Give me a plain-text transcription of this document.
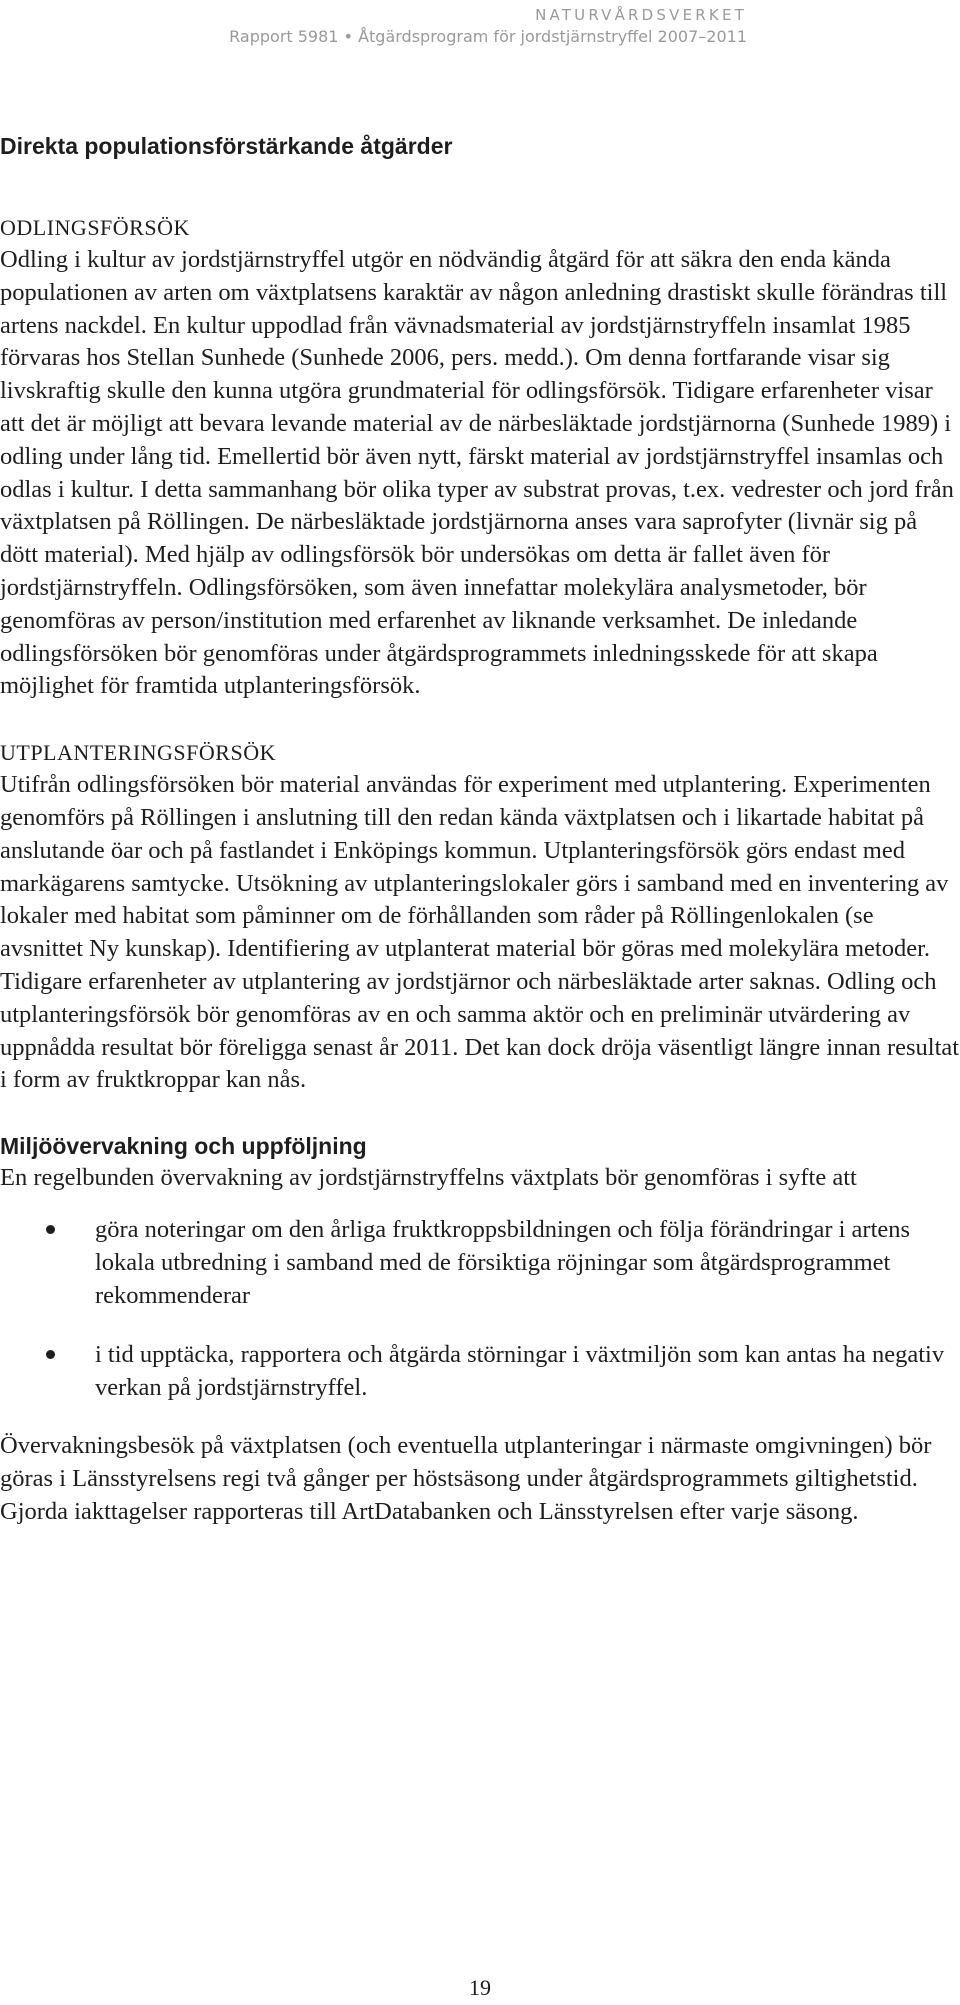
NATURVÅRDSVERKET
Rapport 5981 • Åtgärdsprogram för jordstjärnstryffel 2007–2011
Direkta populationsförstärkande åtgärder
ODLINGSFÖRSÖK

Odling i kultur av jordstjärnstryffel utgör en nödvändig åtgärd för att säkra den enda kända populationen av arten om växtplatsens karaktär av någon anledning drastiskt skulle förändras till artens nackdel. En kultur uppodlad från vävnadsmaterial av jordstjärnstryffeln insamlat 1985 förvaras hos Stellan Sunhede (Sunhede 2006, pers. medd.). Om denna fortfarande visar sig livskraftig skulle den kunna utgöra grundmaterial för odlingsförsök. Tidigare erfarenheter visar att det är möjligt att bevara levande material av de närbesläktade jordstjärnorna (Sunhede 1989) i odling under lång tid. Emellertid bör även nytt, färskt material av jordstjärnstryffel insamlas och odlas i kultur. I detta sammanhang bör olika typer av substrat provas, t.ex. vedrester och jord från växtplatsen på Röllingen. De närbesläktade jordstjärnorna anses vara saprofyter (livnär sig på dött material). Med hjälp av odlingsförsök bör undersökas om detta är fallet även för jordstjärnstryffeln. Odlingsförsöken, som även innefattar molekylära analysmetoder, bör genomföras av person/institution med erfarenhet av liknande verksamhet. De inledande odlingsförsöken bör genomföras under åtgärdsprogrammets inledningsskede för att skapa möjlighet för framtida utplanteringsförsök.

UTPLANTERINGSFÖRSÖK

Utifrån odlingsförsöken bör material användas för experiment med utplantering. Experimenten genomförs på Röllingen i anslutning till den redan kända växtplatsen och i likartade habitat på anslutande öar och på fastlandet i Enköpings kommun. Utplanteringsförsök görs endast med markägarens samtycke. Utsökning av utplanteringslokaler görs i samband med en inventering av lokaler med habitat som påminner om de förhållanden som råder på Röllingenlokalen (se avsnittet Ny kunskap). Identifiering av utplanterat material bör göras med molekylära metoder. Tidigare erfarenheter av utplantering av jordstjärnor och närbesläktade arter saknas. Odling och utplanteringsförsök bör genomföras av en och samma aktör och en preliminär utvärdering av uppnådda resultat bör föreligga senast år 2011. Det kan dock dröja väsentligt längre innan resultat i form av fruktkroppar kan nås.

Miljöövervakning och uppföljning

En regelbunden övervakning av jordstjärnstryffelns växtplats bör genomföras i syfte att

göra noteringar om den årliga fruktkroppsbildningen och följa förändringar i artens lokala utbredning i samband med de försiktiga röjningar som åtgärdsprogrammet rekommenderar
i tid upptäcka, rapportera och åtgärda störningar i växtmiljön som kan antas ha negativ verkan på jordstjärnstryffel.

Övervakningsbesök på växtplatsen (och eventuella utplanteringar i närmaste omgivningen) bör göras i Länsstyrelsens regi två gånger per höstsäsong under åtgärdsprogrammets giltighetstid. Gjorda iakttagelser rapporteras till ArtDatabanken och Länsstyrelsen efter varje säsong.

19
